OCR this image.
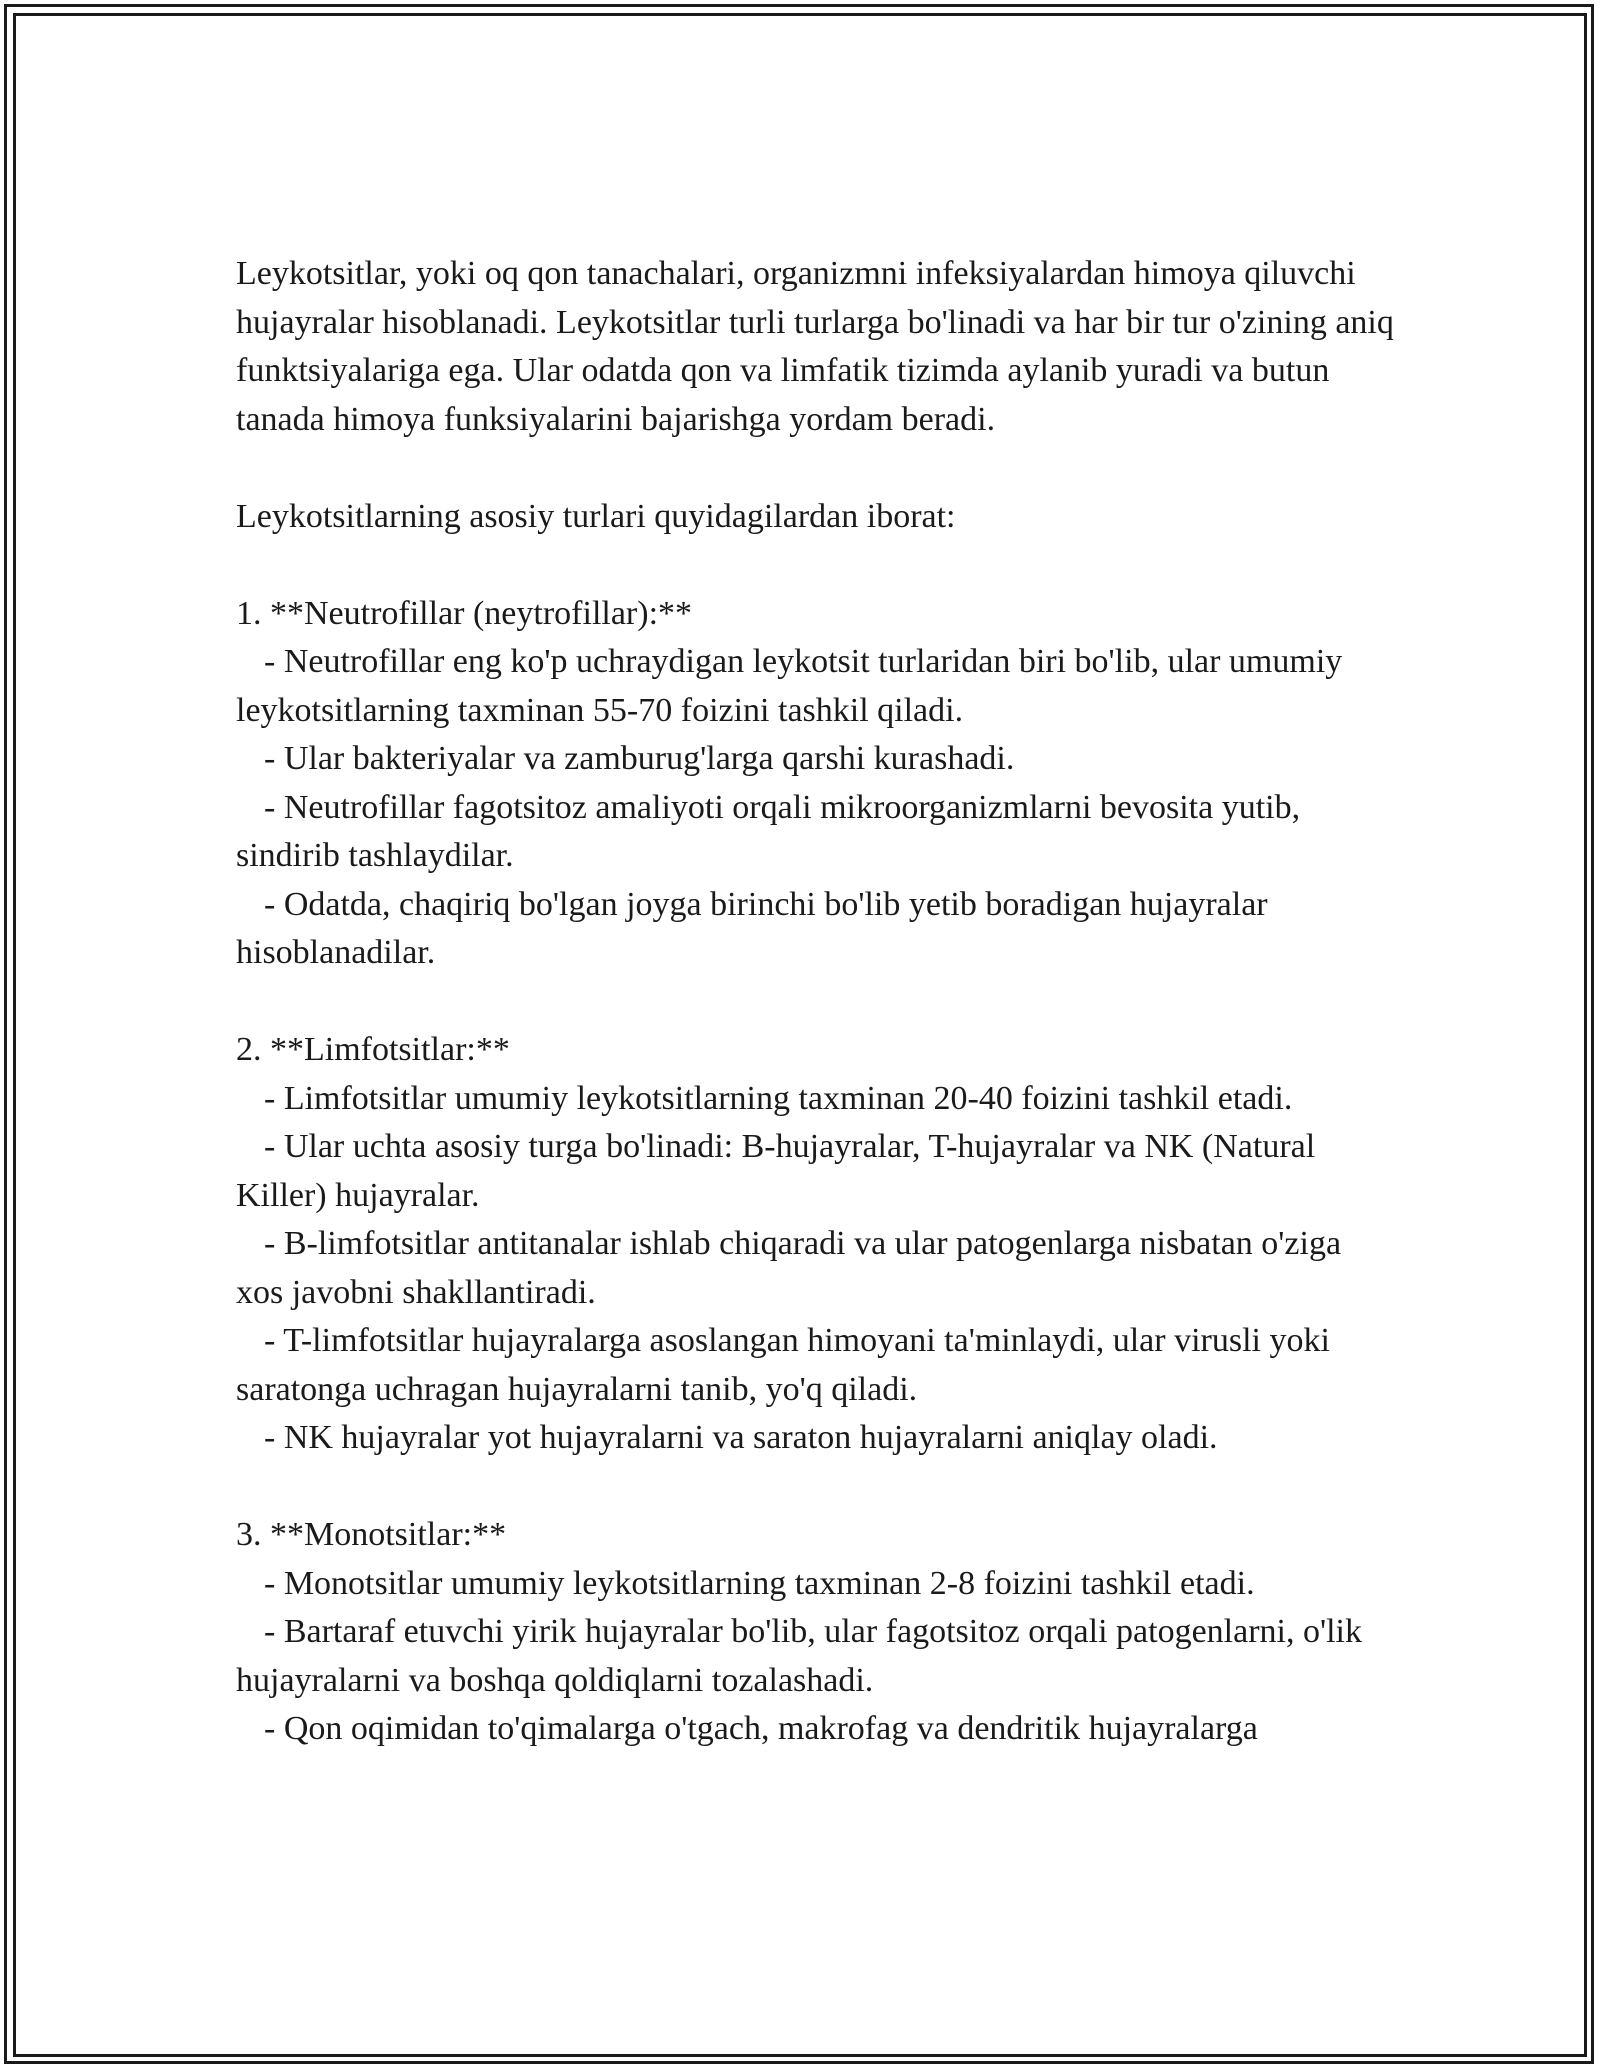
Leykotsitlar, yoki oq qon tanachalari, organizmni infeksiyalardan himoya qiluvchi hujayralar hisoblanadi. Leykotsitlar turli turlarga bo'linadi va har bir tur o'zining aniq funktsiyalariga ega. Ular odatda qon va limfatik tizimda aylanib yuradi va butun tanada himoya funksiyalarini bajarishga yordam beradi.

Leykotsitlarning asosiy turlari quyidagilardan iborat:

1. **Neutrofillar (neytrofillar):**

- Neutrofillar eng ko'p uchraydigan leykotsit turlaridan biri bo'lib, ular umumiy leykotsitlarning taxminan 55-70 foizini tashkil qiladi.

- Ular bakteriyalar va zamburug'larga qarshi kurashadi.

- Neutrofillar fagotsitoz amaliyoti orqali mikroorganizmlarni bevosita yutib, sindirib tashlaydilar.

- Odatda, chaqiriq bo'lgan joyga birinchi bo'lib yetib boradigan hujayralar hisoblanadilar.

2. **Limfotsitlar:**

- Limfotsitlar umumiy leykotsitlarning taxminan 20-40 foizini tashkil etadi.

- Ular uchta asosiy turga bo'linadi: B-hujayralar, T-hujayralar va NK (Natural Killer) hujayralar.

- B-limfotsitlar antitanalar ishlab chiqaradi va ular patogenlarga nisbatan o'ziga xos javobni shakllantiradi.

- T-limfotsitlar hujayralarga asoslangan himoyani ta'minlaydi, ular virusli yoki saratonga uchragan hujayralarni tanib, yo'q qiladi.

- NK hujayralar yot hujayralarni va saraton hujayralarni aniqlay oladi.

3. **Monotsitlar:**

- Monotsitlar umumiy leykotsitlarning taxminan 2-8 foizini tashkil etadi.

- Bartaraf etuvchi yirik hujayralar bo'lib, ular fagotsitoz orqali patogenlarni, o'lik hujayralarni va boshqa qoldiqlarni tozalashadi.

- Qon oqimidan to'qimalarga o'tgach, makrofag va dendritik hujayralarga
